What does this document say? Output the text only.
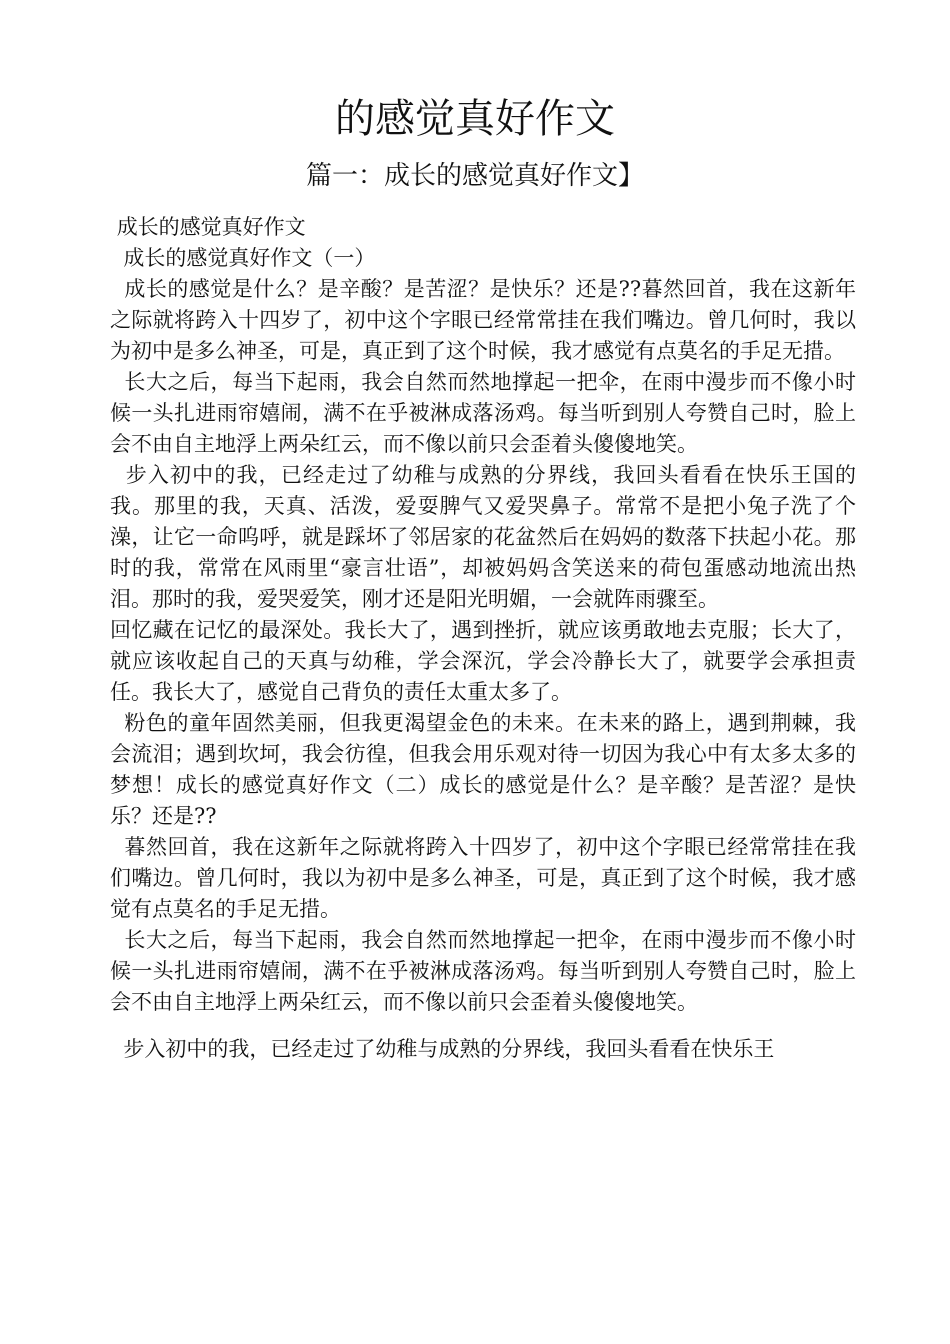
的感觉真好作文
篇一：成长的感觉真好作文】

成长的感觉真好作文

成长的感觉真好作文（一）

成长的感觉是什么？是辛酸？是苦涩？是快乐？还是??暮然回首，我在这新年之际就将跨入十四岁了，初中这个字眼已经常常挂在我们嘴边。曾几何时，我以为初中是多么神圣，可是，真正到了这个时候，我才感觉有点莫名的手足无措。

长大之后，每当下起雨，我会自然而然地撑起一把伞，在雨中漫步而不像小时候一头扎进雨帘嬉闹，满不在乎被淋成落汤鸡。每当听到别人夸赞自己时，脸上会不由自主地浮上两朵红云，而不像以前只会歪着头傻傻地笑。

步入初中的我，已经走过了幼稚与成熟的分界线，我回头看看在快乐王国的我。那里的我，天真、活泼，爱耍脾气又爱哭鼻子。常常不是把小兔子洗了个澡，让它一命呜呼，就是踩坏了邻居家的花盆然后在妈妈的数落下扶起小花。那时的我，常常在风雨里“豪言壮语”，却被妈妈含笑送来的荷包蛋感动地流出热泪。那时的我，爱哭爱笑，刚才还是阳光明媚，一会就阵雨骤至。

回忆藏在记忆的最深处。我长大了，遇到挫折，就应该勇敢地去克服；长大了，就应该收起自己的天真与幼稚，学会深沉，学会冷静长大了，就要学会承担责任。我长大了，感觉自己背负的责任太重太多了。

粉色的童年固然美丽，但我更渴望金色的未来。在未来的路上，遇到荆棘，我会流泪；遇到坎坷，我会彷徨，但我会用乐观对待一切因为我心中有太多太多的梦想！成长的感觉真好作文（二）成长的感觉是什么？是辛酸？是苦涩？是快乐？还是??

暮然回首，我在这新年之际就将跨入十四岁了，初中这个字眼已经常常挂在我们嘴边。曾几何时，我以为初中是多么神圣，可是，真正到了这个时候，我才感觉有点莫名的手足无措。

长大之后，每当下起雨，我会自然而然地撑起一把伞，在雨中漫步而不像小时候一头扎进雨帘嬉闹，满不在乎被淋成落汤鸡。每当听到别人夸赞自己时，脸上会不由自主地浮上两朵红云，而不像以前只会歪着头傻傻地笑。

步入初中的我，已经走过了幼稚与成熟的分界线，我回头看看在快乐王
